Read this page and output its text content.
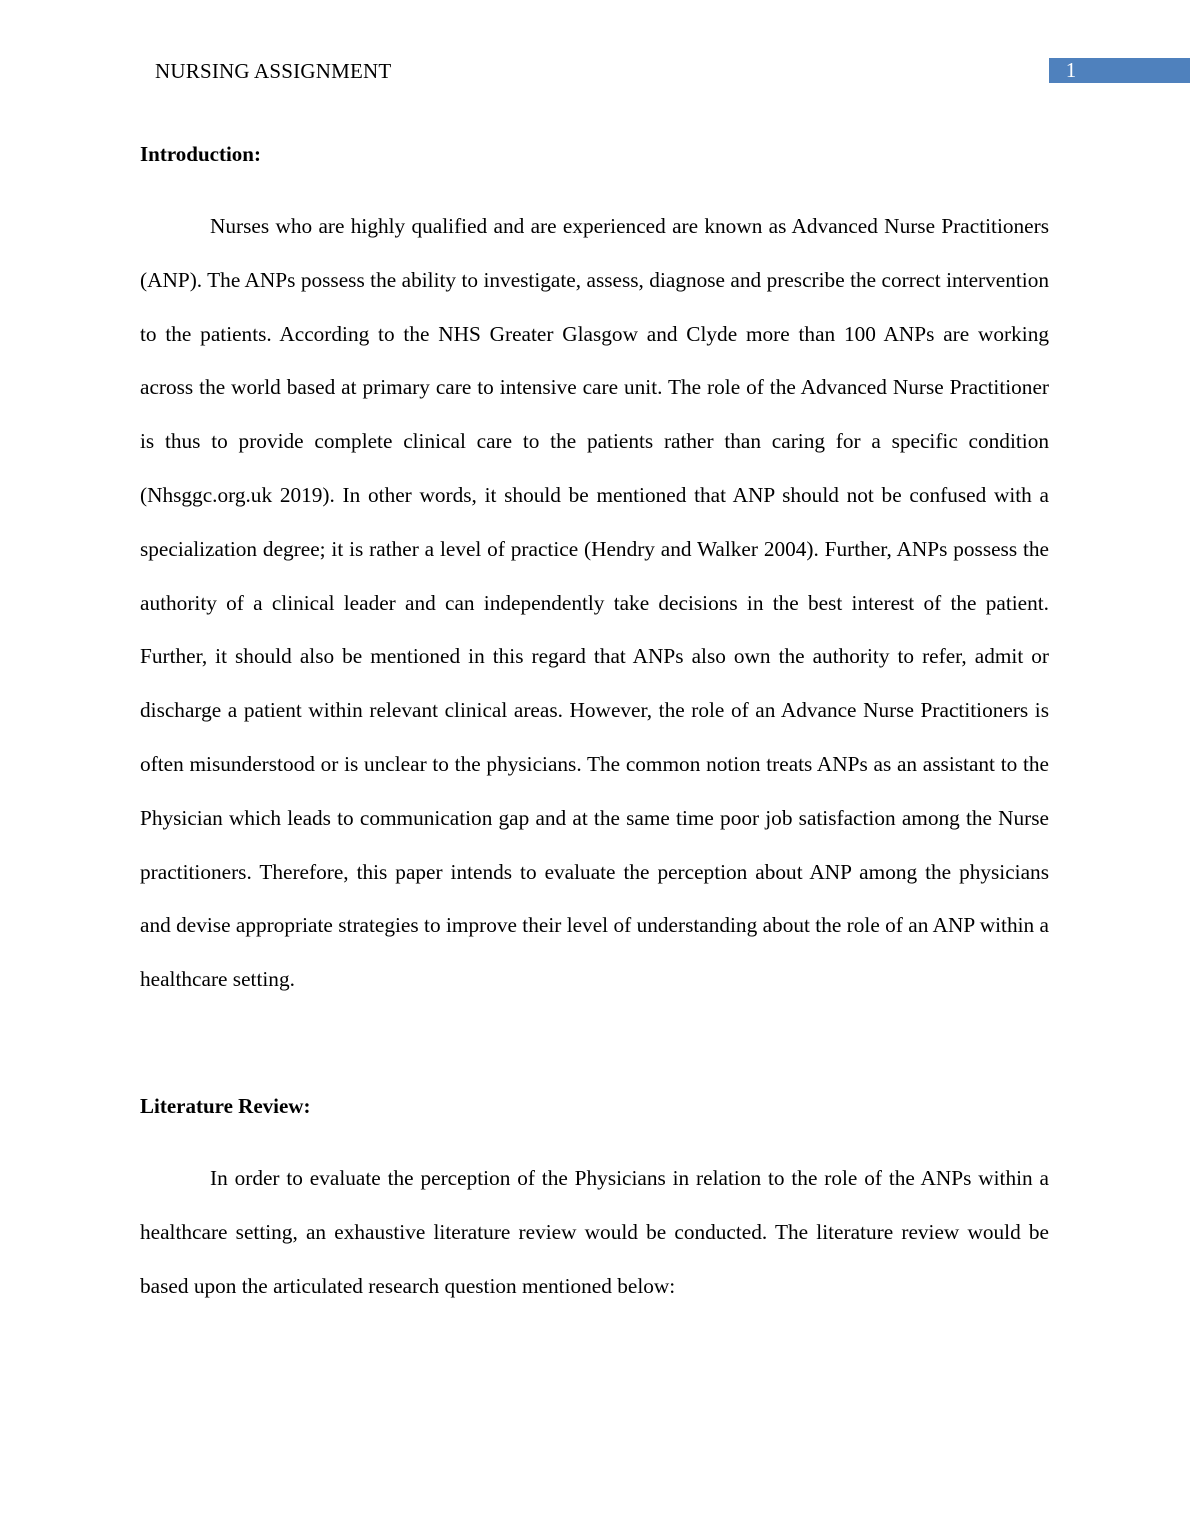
NURSING ASSIGNMENT	1
Introduction:

Nurses who are highly qualified and are experienced are known as Advanced Nurse Practitioners (ANP). The ANPs possess the ability to investigate, assess, diagnose and prescribe the correct intervention to the patients. According to the NHS Greater Glasgow and Clyde more than 100 ANPs are working across the world based at primary care to intensive care unit. The role of the Advanced Nurse Practitioner is thus to provide complete clinical care to the patients rather than caring for a specific condition (Nhsggc.org.uk 2019). In other words, it should be mentioned that ANP should not be confused with a specialization degree; it is rather a level of practice (Hendry and Walker 2004). Further, ANPs possess the authority of a clinical leader and can independently take decisions in the best interest of the patient. Further, it should also be mentioned in this regard that ANPs also own the authority to refer, admit or discharge a patient within relevant clinical areas. However, the role of an Advance Nurse Practitioners is often misunderstood or is unclear to the physicians. The common notion treats ANPs as an assistant to the Physician which leads to communication gap and at the same time poor job satisfaction among the Nurse practitioners. Therefore, this paper intends to evaluate the perception about ANP among the physicians and devise appropriate strategies to improve their level of understanding about the role of an ANP within a healthcare setting.

Literature Review:

In order to evaluate the perception of the Physicians in relation to the role of the ANPs within a healthcare setting, an exhaustive literature review would be conducted. The literature review would be based upon the articulated research question mentioned below:
